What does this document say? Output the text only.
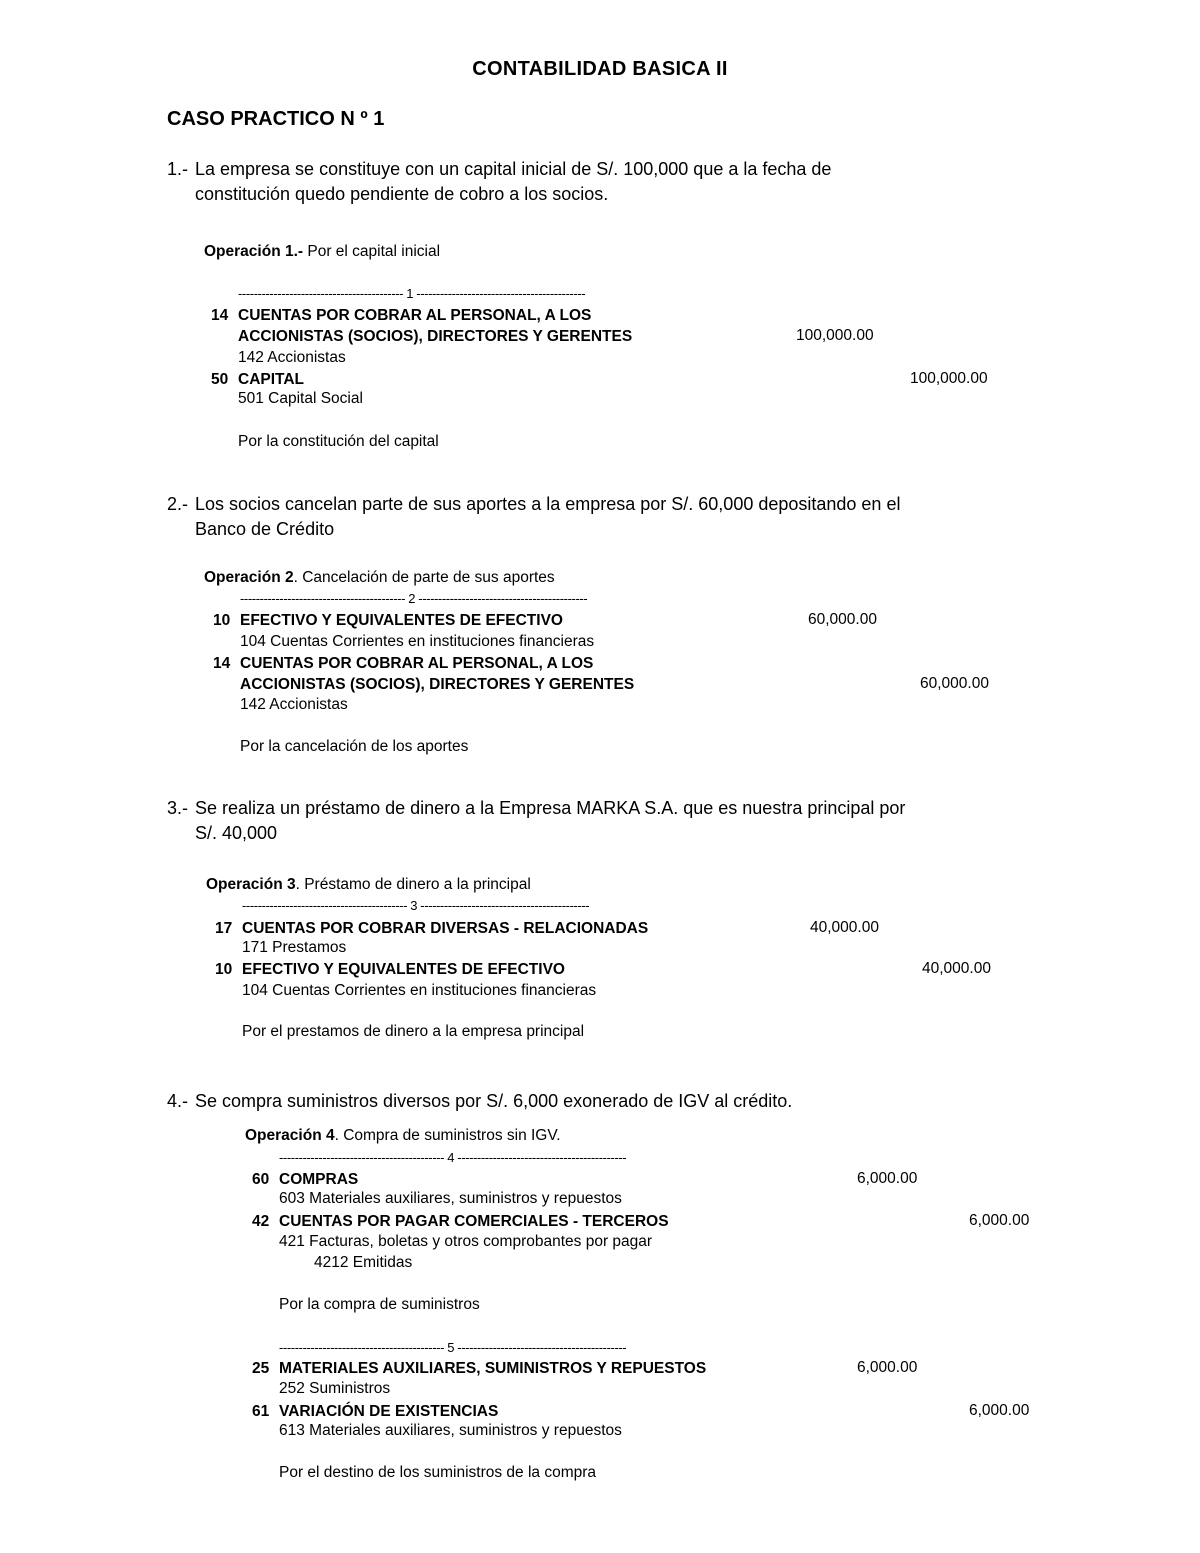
CONTABILIDAD BASICA II
CASO PRACTICO N º 1
1.- La empresa se constituye con un capital inicial de S/. 100,000 que a la fecha de
constitución quedo pendiente de cobro a los socios.
Operación 1.- Por el capital inicial
------------------------------------------ 1 -------------------------------------------
14 CUENTAS POR COBRAR AL PERSONAL, A LOS
ACCIONISTAS (SOCIOS), DIRECTORES Y GERENTES	100,000.00
142 Accionistas
50 CAPITAL	100,000.00
501 Capital Social
Por la constitución del capital
2.- Los socios cancelan parte de sus aportes a la empresa por S/. 60,000 depositando en el
Banco de Crédito
Operación 2. Cancelación de parte de sus aportes
------------------------------------------ 2 -------------------------------------------
10 EFECTIVO Y EQUIVALENTES DE EFECTIVO	60,000.00
104 Cuentas Corrientes en instituciones financieras
14 CUENTAS POR COBRAR AL PERSONAL, A LOS
ACCIONISTAS (SOCIOS), DIRECTORES Y GERENTES	60,000.00
142 Accionistas
Por la cancelación de los aportes
3.- Se realiza un préstamo de dinero a la Empresa MARKA S.A. que es nuestra principal por
S/. 40,000
Operación 3. Préstamo de dinero a la principal
------------------------------------------ 3 -------------------------------------------
17 CUENTAS POR COBRAR DIVERSAS - RELACIONADAS	40,000.00
171 Prestamos
10 EFECTIVO Y EQUIVALENTES DE EFECTIVO	40,000.00
104 Cuentas Corrientes en instituciones financieras
Por el prestamos de dinero a la empresa principal
4.- Se compra suministros diversos por S/. 6,000 exonerado de IGV al crédito.
Operación 4. Compra de suministros sin IGV.
------------------------------------------ 4 -------------------------------------------
60 COMPRAS	6,000.00
603 Materiales auxiliares, suministros y repuestos
42 CUENTAS POR PAGAR COMERCIALES - TERCEROS	6,000.00
421 Facturas, boletas y otros comprobantes por pagar
4212 Emitidas
Por la compra de suministros
------------------------------------------ 5 -------------------------------------------
25 MATERIALES AUXILIARES, SUMINISTROS Y REPUESTOS	6,000.00
252 Suministros
61 VARIACIÓN DE EXISTENCIAS	6,000.00
613 Materiales auxiliares, suministros y repuestos
Por el destino de los suministros de la compra
